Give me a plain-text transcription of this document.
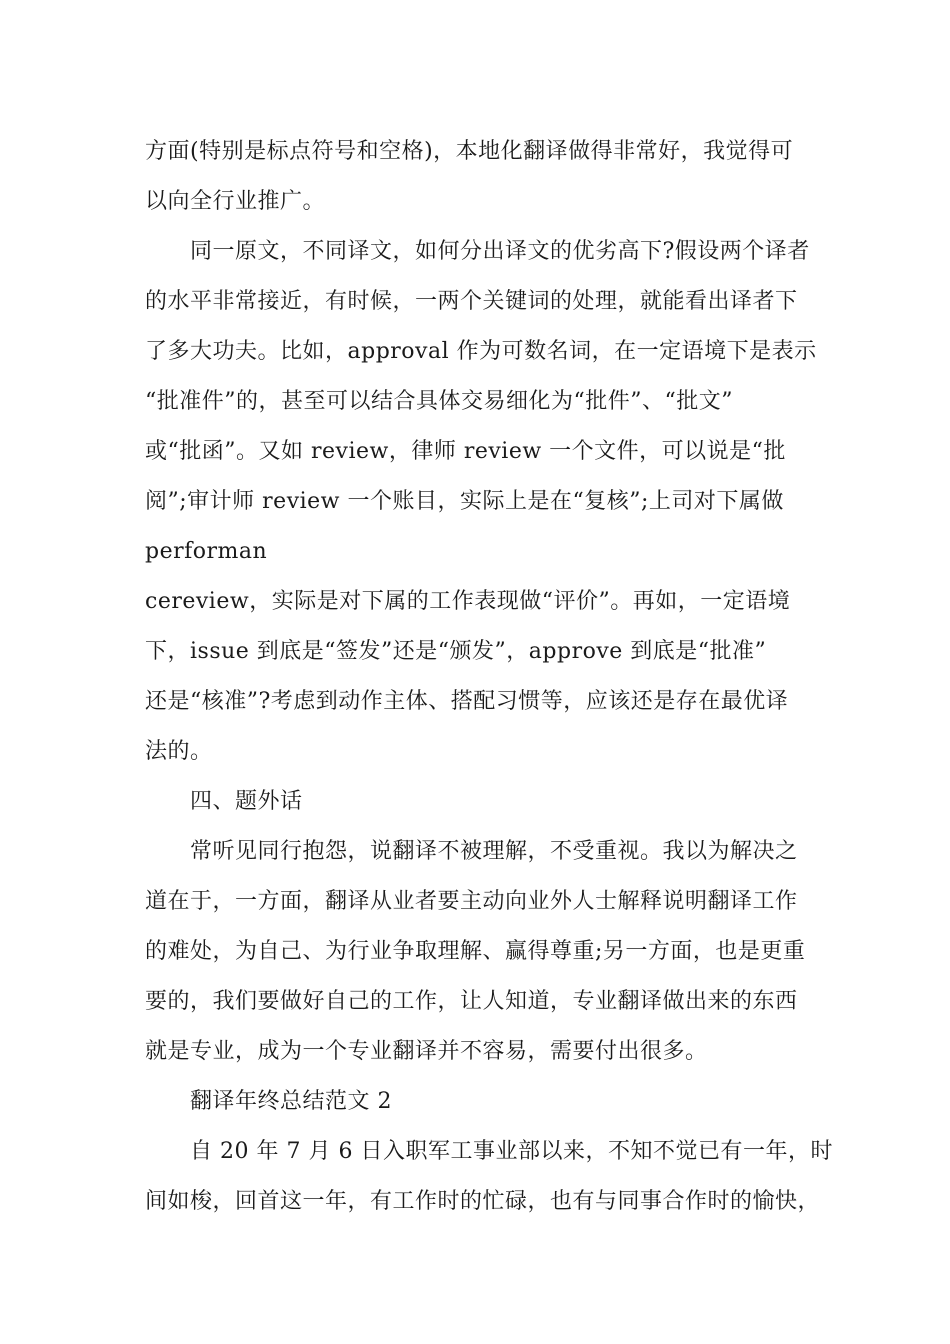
方面(特别是标点符号和空格)，本地化翻译做得非常好，我觉得可
以向全行业推广。
同一原文，不同译文，如何分出译文的优劣高下?假设两个译者
的水平非常接近，有时候，一两个关键词的处理，就能看出译者下
了多大功夫。比如，approval 作为可数名词，在一定语境下是表示
“批准件”的，甚至可以结合具体交易细化为“批件”、“批文”
或“批函”。又如 review，律师 review 一个文件，可以说是“批
阅”;审计师 review 一个账目，实际上是在“复核”;上司对下属做
performan
cereview，实际是对下属的工作表现做“评价”。再如，一定语境
下，issue 到底是“签发”还是“颁发”，approve 到底是“批准”
还是“核准”?考虑到动作主体、搭配习惯等，应该还是存在最优译
法的。
四、题外话
常听见同行抱怨，说翻译不被理解，不受重视。我以为解决之
道在于，一方面，翻译从业者要主动向业外人士解释说明翻译工作
的难处，为自己、为行业争取理解、赢得尊重;另一方面，也是更重
要的，我们要做好自己的工作，让人知道，专业翻译做出来的东西
就是专业，成为一个专业翻译并不容易，需要付出很多。
翻译年终总结范文 2
自 20 年 7 月 6 日入职军工事业部以来，不知不觉已有一年，时
间如梭，回首这一年，有工作时的忙碌，也有与同事合作时的愉快，
